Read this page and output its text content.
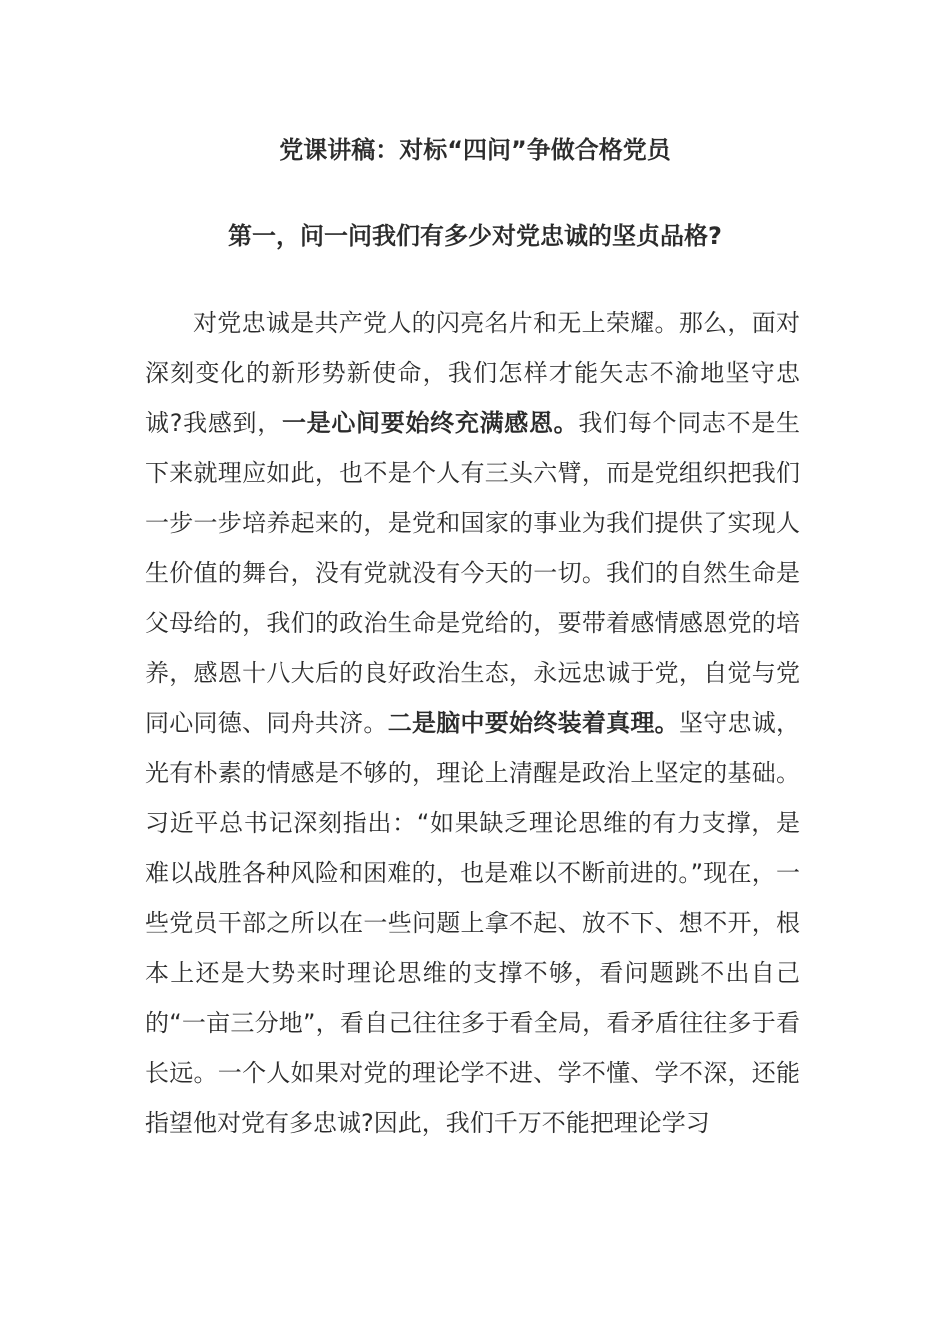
党课讲稿：对标“四问”争做合格党员
第一，问一问我们有多少对党忠诚的坚贞品格?

对党忠诚是共产党人的闪亮名片和无上荣耀。那么，面对深刻变化的新形势新使命，我们怎样才能矢志不渝地坚守忠诚?我感到，一是心间要始终充满感恩。我们每个同志不是生下来就理应如此，也不是个人有三头六臂，而是党组织把我们一步一步培养起来的，是党和国家的事业为我们提供了实现人生价值的舞台，没有党就没有今天的一切。我们的自然生命是父母给的，我们的政治生命是党给的，要带着感情感恩党的培养，感恩十八大后的良好政治生态，永远忠诚于党，自觉与党同心同德、同舟共济。二是脑中要始终装着真理。坚守忠诚，光有朴素的情感是不够的，理论上清醒是政治上坚定的基础。习近平总书记深刻指出：“如果缺乏理论思维的有力支撑，是难以战胜各种风险和困难的，也是难以不断前进的。”现在，一些党员干部之所以在一些问题上拿不起、放不下、想不开，根本上还是大势来时理论思维的支撑不够，看问题跳不出自己的“一亩三分地”，看自己往往多于看全局，看矛盾往往多于看长远。一个人如果对党的理论学不进、学不懂、学不深，还能指望他对党有多忠诚?因此，我们千万不能把理论学习
